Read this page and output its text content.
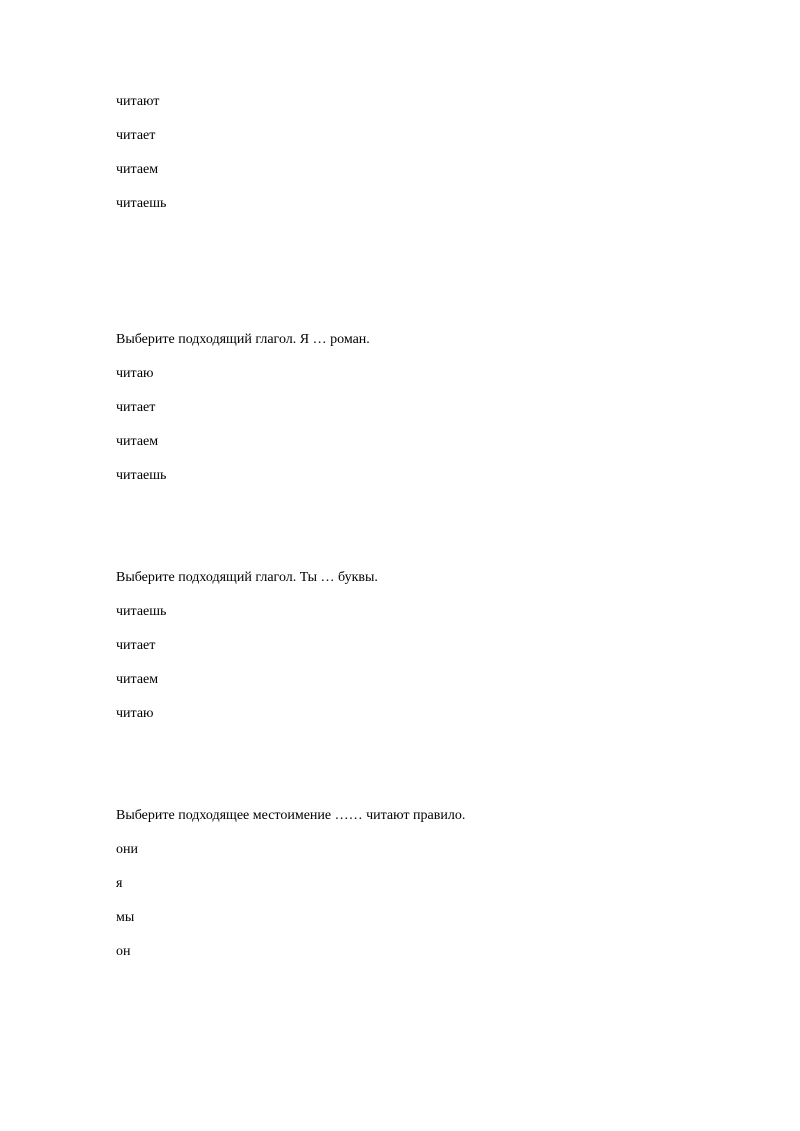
читают
читает
читаем
читаешь
Выберите подходящий глагол. Я … роман.
читаю
читает
читаем
читаешь
Выберите подходящий глагол. Ты … буквы.
читаешь
читает
читаем
читаю
Выберите подходящее местоимение …… читают правило.
они
я
мы
он
